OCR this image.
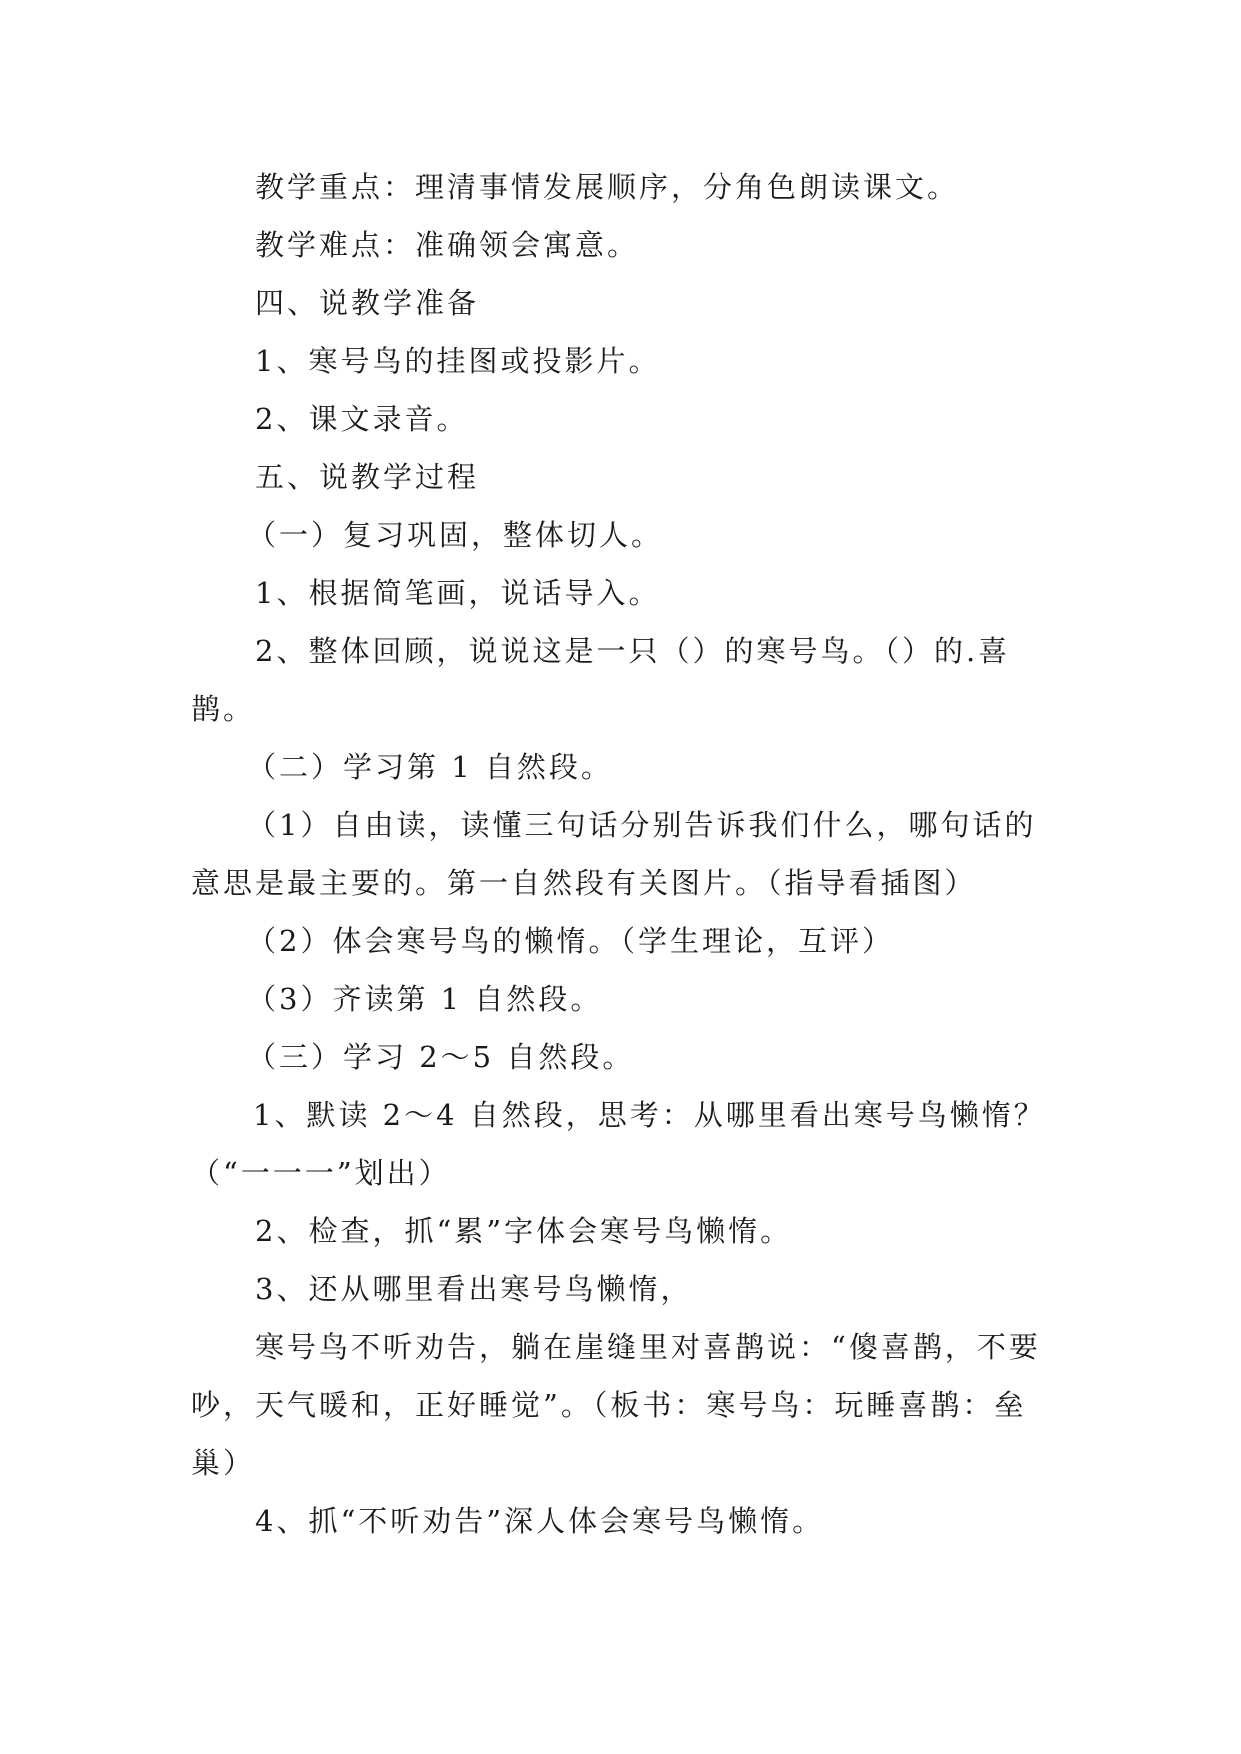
教学重点：理清事情发展顺序，分角色朗读课文。

教学难点：准确领会寓意。

四、说教学准备

1、寒号鸟的挂图或投影片。

2、课文录音。

五、说教学过程

（一）复习巩固，整体切人。

1、根据简笔画，说话导入。

2、整体回顾，说说这是一只（）的寒号鸟。（）的.喜鹊。

（二）学习第 1 自然段。

（1）自由读，读懂三句话分别告诉我们什么，哪句话的意思是最主要的。第一自然段有关图片。（指导看插图）

（2）体会寒号鸟的懒惰。（学生理论，互评）

（3）齐读第 1 自然段。

（三）学习 2～5 自然段。

1、默读 2～4 自然段，思考：从哪里看出寒号鸟懒惰？（“一一一”划出）

2、检查，抓“累”字体会寒号鸟懒惰。

3、还从哪里看出寒号鸟懒惰，

寒号鸟不听劝告，躺在崖缝里对喜鹊说：“傻喜鹊，不要吵，天气暖和，正好睡觉”。（板书：寒号鸟：玩睡喜鹊：垒巢）

4、抓“不听劝告”深人体会寒号鸟懒惰。
